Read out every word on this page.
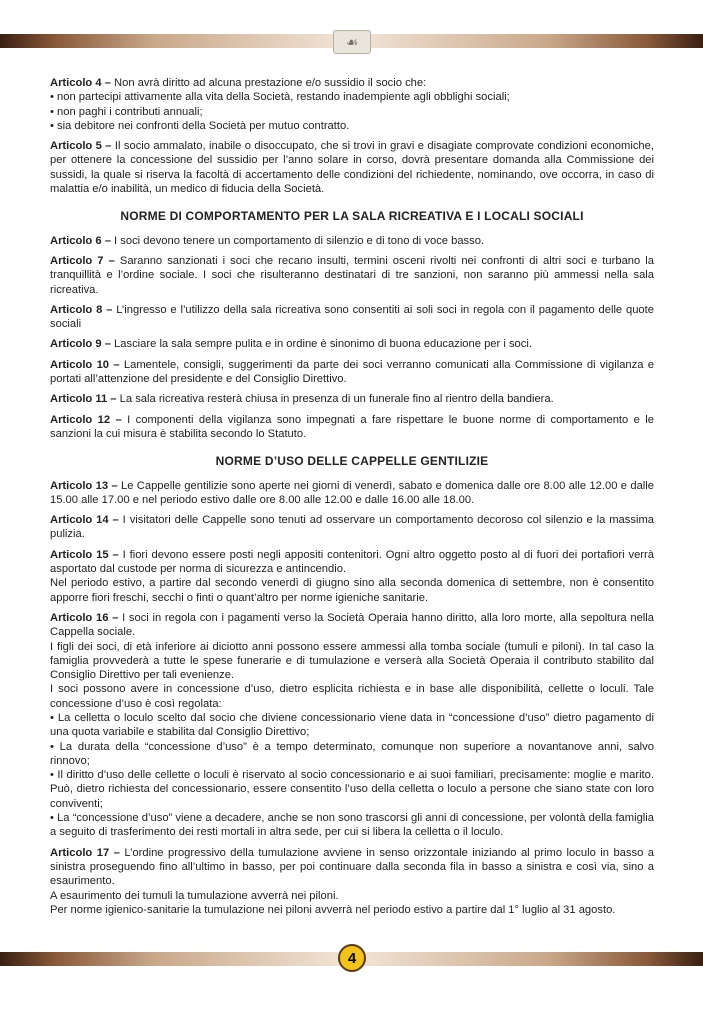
☙
Articolo 4 – Non avrà diritto ad alcuna prestazione e/o sussidio il socio che:
• non partecipi attivamente alla vita della Società, restando inadempiente agli obblighi sociali;
• non paghi i contributi annuali;
• sia debitore nei confronti della Società per mutuo contratto.
Articolo 5 – Il socio ammalato, inabile o disoccupato, che si trovi in gravi e disagiate comprovate condizioni economiche, per ottenere la concessione del sussidio per l’anno solare in corso, dovrà presentare domanda alla Commissione dei sussidi, la quale si riserva la facoltà di accertamento delle condizioni del richiedente, nominando, ove occorra, in caso di malattia e/o inabilità, un medico di fiducia della Società.
NORME DI COMPORTAMENTO PER LA SALA RICREATIVA E I LOCALI SOCIALI
Articolo 6 – I soci devono tenere un comportamento di silenzio e di tono di voce basso.
Articolo 7 – Saranno sanzionati i soci che recano insulti, termini osceni rivolti nei confronti di altri soci e turbano la tranquillità e l’ordine sociale. I soci che risulteranno destinatari di tre sanzioni, non saranno più ammessi nella sala ricreativa.
Articolo 8 – L’ingresso e l’utilizzo della sala ricreativa sono consentiti ai soli soci in regola con il pagamento delle quote sociali
Articolo 9 – Lasciare la sala sempre pulita e in ordine è sinonimo di buona educazione per i soci.
Articolo 10 – Lamentele, consigli, suggerimenti da parte dei soci verranno comunicati alla Commissione di vigilanza e portati all’attenzione del presidente e del Consiglio Direttivo.
Articolo 11 – La sala ricreativa resterà chiusa in presenza di un funerale fino al rientro della bandiera.
Articolo 12 – I componenti della vigilanza sono impegnati a fare rispettare le buone norme di comportamento e le sanzioni la cui misura è stabilita secondo lo Statuto.
NORME D’USO DELLE CAPPELLE GENTILIZIE
Articolo 13 – Le Cappelle gentilizie sono aperte nei giorni di venerdì, sabato e domenica dalle ore 8.00 alle 12.00 e dalle 15.00 alle 17.00 e nel periodo estivo dalle ore 8.00 alle 12.00 e dalle 16.00 alle 18.00.
Articolo 14 – I visitatori delle Cappelle sono tenuti ad osservare un comportamento decoroso col silenzio e la massima pulizia.
Articolo 15 – I fiori devono essere posti negli appositi contenitori. Ogni altro oggetto posto al di fuori dei portafiori verrà asportato dal custode per norma di sicurezza e antincendio.
Nel periodo estivo, a partire dal secondo venerdì di giugno sino alla seconda domenica di settembre, non è consentito apporre fiori freschi, secchi o finti o quant’altro per norme igieniche sanitarie.
Articolo 16 – I soci in regola con i pagamenti verso la Società Operaia hanno diritto, alla loro morte, alla sepoltura nella Cappella sociale.
I figli dei soci, di età inferiore ai diciotto anni possono essere ammessi alla tomba sociale (tumuli e piloni). In tal caso la famiglia provvederà a tutte le spese funerarie e di tumulazione e verserà alla Società Operaia il contributo stabilito dal Consiglio Direttivo per tali evenienze.
I soci possono avere in concessione d’uso, dietro esplicita richiesta e in base alle disponibilità, cellette o loculi. Tale concessione d’uso è così regolata:
• La celletta o loculo scelto dal socio che diviene concessionario viene data in “concessione d’uso” dietro pagamento di una quota variabile e stabilita dal Consiglio Direttivo;
• La durata della “concessione d’uso” è a tempo determinato, comunque non superiore a novantanove anni, salvo rinnovo;
• Il diritto d’uso delle cellette o loculi è riservato al socio concessionario e ai suoi familiari, precisamente: moglie e marito. Può, dietro richiesta del concessionario, essere consentito l’uso della celletta o loculo a persone che siano state con loro conviventi;
• La “concessione d’uso” viene a decadere, anche se non sono trascorsi gli anni di concessione, per volontà della famiglia a seguito di trasferimento dei resti mortali in altra sede, per cui si libera la celletta o il loculo.
Articolo 17 – L’ordine progressivo della tumulazione avviene in senso orizzontale iniziando al primo loculo in basso a sinistra proseguendo fino all’ultimo in basso, per poi continuare dalla seconda fila in basso a sinistra e così via, sino a esaurimento.
A esaurimento dei tumuli la tumulazione avverrà nei piloni.
Per norme igienico-sanitarie la tumulazione nei piloni avverrà nel periodo estivo a partire dal 1° luglio al 31 agosto.
4
